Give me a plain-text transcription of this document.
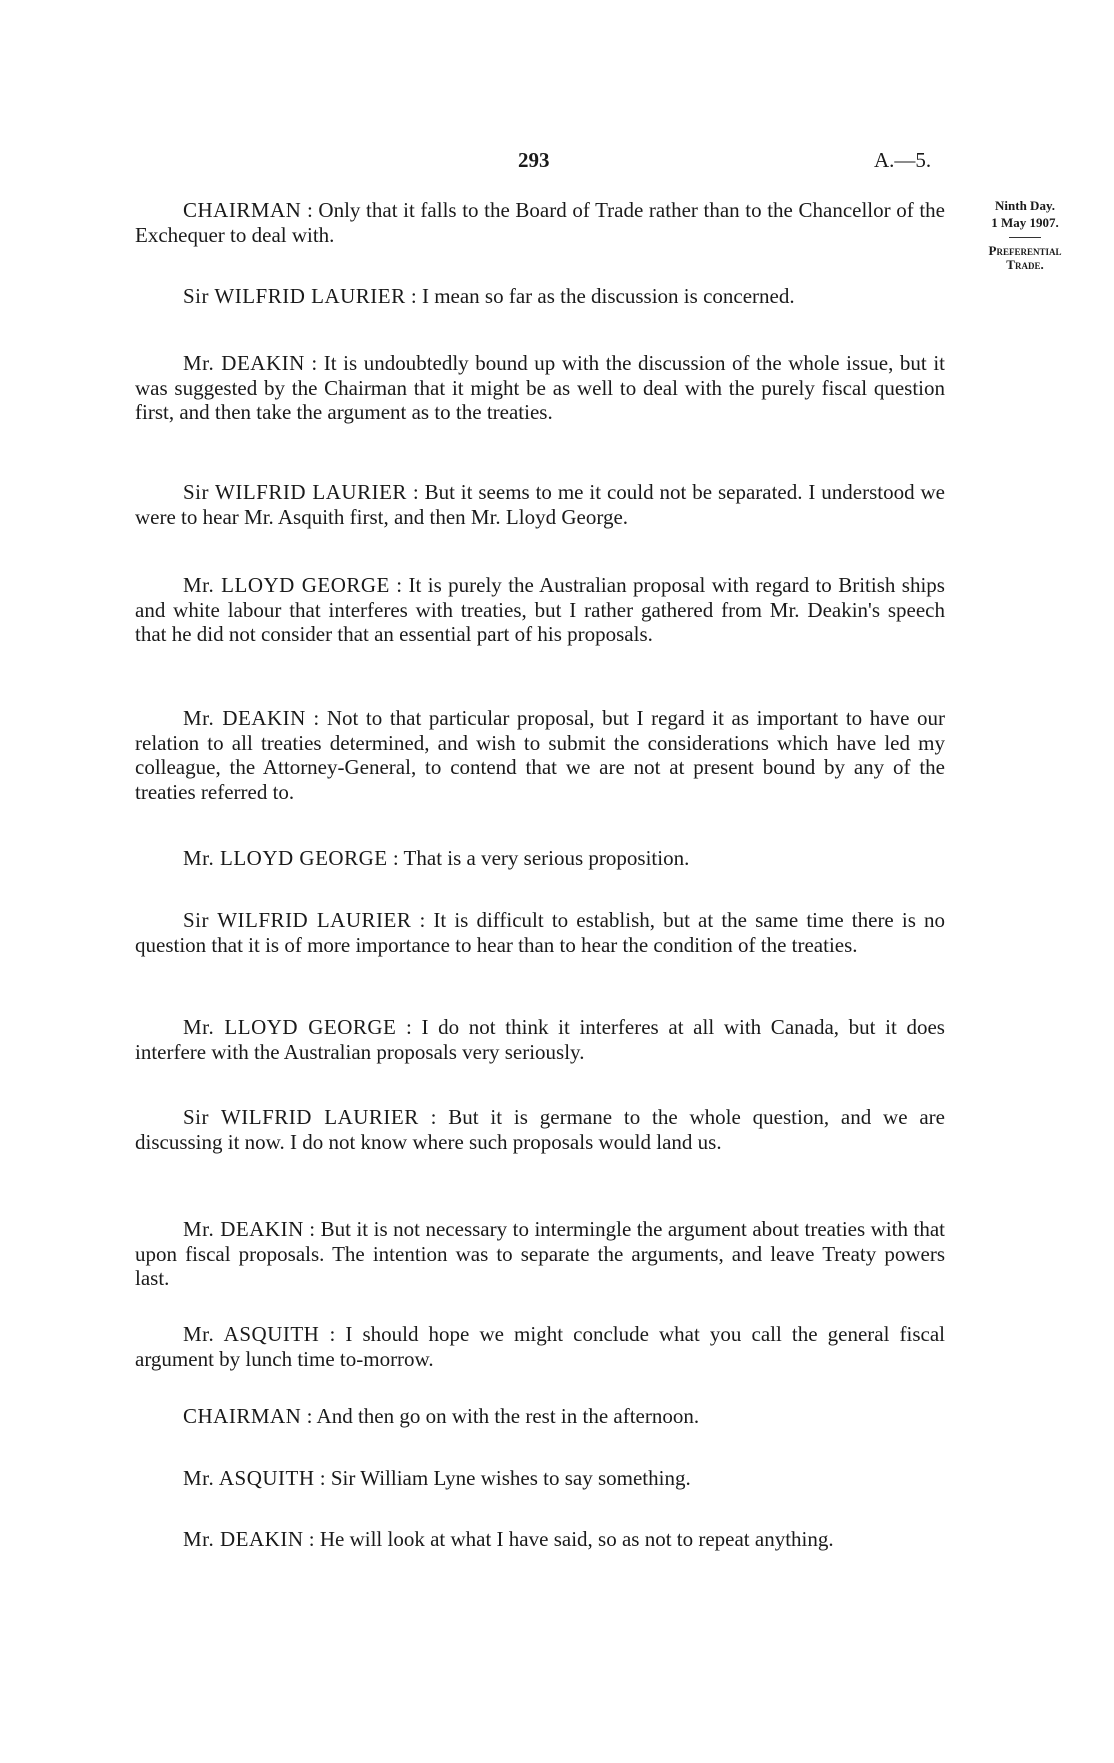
293	A.—5.
Ninth Day.
1 May 1907.
Preferential
Trade.

CHAIRMAN : Only that it falls to the Board of Trade rather than to the Chancellor of the Exchequer to deal with.

Sir WILFRID LAURIER : I mean so far as the discussion is concerned.

Mr. DEAKIN : It is undoubtedly bound up with the discussion of the whole issue, but it was suggested by the Chairman that it might be as well to deal with the purely fiscal question first, and then take the argument as to the treaties.

Sir WILFRID LAURIER : But it seems to me it could not be separated. I understood we were to hear Mr. Asquith first, and then Mr. Lloyd George.

Mr. LLOYD GEORGE : It is purely the Australian proposal with regard to British ships and white labour that interferes with treaties, but I rather gathered from Mr. Deakin's speech that he did not consider that an essential part of his proposals.

Mr. DEAKIN : Not to that particular proposal, but I regard it as important to have our relation to all treaties determined, and wish to submit the considerations which have led my colleague, the Attorney-General, to contend that we are not at present bound by any of the treaties referred to.

Mr. LLOYD GEORGE : That is a very serious proposition.

Sir WILFRID LAURIER : It is difficult to establish, but at the same time there is no question that it is of more importance to hear than to hear the condition of the treaties.

Mr. LLOYD GEORGE : I do not think it interferes at all with Canada, but it does interfere with the Australian proposals very seriously.

Sir WILFRID LAURIER : But it is germane to the whole question, and we are discussing it now. I do not know where such proposals would land us.

Mr. DEAKIN : But it is not necessary to intermingle the argument about treaties with that upon fiscal proposals. The intention was to separate the arguments, and leave Treaty powers last.

Mr. ASQUITH : I should hope we might conclude what you call the general fiscal argument by lunch time to-morrow.

CHAIRMAN : And then go on with the rest in the afternoon.

Mr. ASQUITH : Sir William Lyne wishes to say something.

Mr. DEAKIN : He will look at what I have said, so as not to repeat anything.
